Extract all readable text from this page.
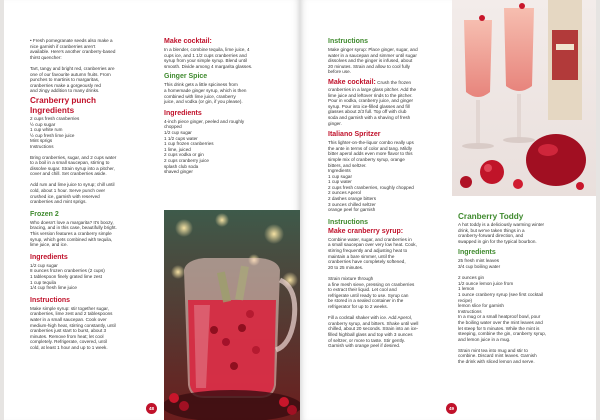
• Fresh pomegranate seeds also make a
nice garnish if cranberries aren't
available. Here's another cranberry-based
thirst quencher:

Tart, tangy and bright red, cranberries are
one of our favourite autumn fruits. From
punches to martinis to margaritas,
cranberries make a gorgeously red
and zingy addition to many drinks.
Cranberry punch
Ingredients
2 cups fresh cranberries
½ cup sugar
1 cup white rum
½ cup fresh lime juice
Mint sprigs
Instructions
Bring cranberries, sugar, and 2 cups water
to a boil in a small saucepan, stirring to
dissolve sugar. Strain syrup into a pitcher,
cover and chill. Set cranberries aside.

Add rum and lime juice to syrup; chill until
cold, about 1 hour. Serve punch over
crushed ice, garnish with reserved
cranberries and mint sprigs.
Frozen 2
Who doesn't love a margarita? It's boozy,
bracing, and in this case, beautifully bright.
This version features a cranberry simple
syrup, which gets combined with tequila,
lime juice, and ice.
Ingredients
1/2 cup sugar
8 ounces frozen cranberries (2 cups)
1 tablespoon finely grated lime zest
1 cup tequila
1/4 cup fresh lime juice
Instructions
Make simple syrup: stir together sugar,
cranberries, lime zest and 2 tablespoons
water in a small saucepan. Cook over
medium-high heat, stirring constantly, until
cranberries just start to burst, about 3
minutes. Remove from heat; let cool
completely. Refrigerate, covered, until
cold, at least 1 hour and up to 1 week.
Make cocktail:
In a blender, combine tequila, lime juice, 4
cups ice, and 1 1/2 cups cranberries and
syrup from your simple syrup. Blend until
smooth. Divide among 4 margarita glasses.
Ginger Spice
This drink gets a little spiciness from
a homemade ginger syrup, which is then
combined with lime juice, cranberry
juice, and vodka (or gin, if you please).
Ingredients
4-inch piece ginger, peeled and roughly
chopped
1/2 cup sugar
1 1/2 cups water
1 cup frozen cranberries
1 lime, juiced
2 cups vodka or gin
2 cups cranberry juice
splash club soda
shaved ginger
48
Instructions
Make ginger syrup: Place ginger, sugar, and
water in a saucepan and simmer until sugar
dissolves and the ginger is infused, about
20 minutes. Strain and allow to cool fully
before use.
Make cocktail: Crush the frozen
cranberries in a large glass pitcher. Add the
lime juice and leftover rinds to the pitcher.
Pour in vodka, cranberry juice, and ginger
syrup. Pour into ice-filled glasses and fill
glasses about 2/3 full. Top off with club
soda and garnish with a shaving of fresh
ginger.
Italiano Spritzer
This lighter-on-the-liquor combo really ups
the ante in terms of color and tang. Mildly
bitter aperol adds even more flavor to this
simple mix of cranberry syrup, orange
bitters, and seltzer.
Ingredients
1 cup sugar
1 cup water
2 cups fresh cranberries, roughly chopped
2 ounces Aperol
2 dashes orange bitters
3 ounces chilled seltzer
orange peel for garnish
Instructions
Make cranberry syrup:
Combine water, sugar, and cranberries in
a small saucepan over very low heat. Cook,
stirring frequently and adjusting heat to
maintain a bare simmer, until the
cranberries have completely softened,
20 to 25 minutes.

Strain mixture through
a fine mesh sieve, pressing on cranberries
to extract their liquid. Let cool and
refrigerate until ready to use. Syrup can
be stored in a sealed container in the
refrigerator for up to 2 weeks.

Fill a cocktail shaker with ice. Add Aperol,
cranberry syrup, and bitters. Shake until well
chilled, about 20 seconds. Strain into an ice-
filled highball glass and top with 3 ounces
of seltzer, or more to taste. Stir gently.
Garnish with orange peel if desired.
Cranberry Toddy
A hot toddy is a deliciously warming winter
drink, but we've taken things in a
cranberry-forward direction, and
swapped in gin for the typical bourbon.
Ingredients
25 fresh mint leaves
3/4 cup boiling water

2 ounces gin
1/2 ounce lemon juice from
1 lemon
1 ounce cranberry syrup (see first cocktail
recipe)
lemon slice for garnish
Instructions
In a mug or a small heatproof bowl, pour
the boiling water over the mint leaves and
let steep for 5 minutes. While the mint is
steeping, combine the gin, cranberry syrup,
and lemon juice in a mug.

Strain mint tea into mug and stir to
combine. Discard mint leaves. Garnish
the drink with sliced lemon and serve.
49
